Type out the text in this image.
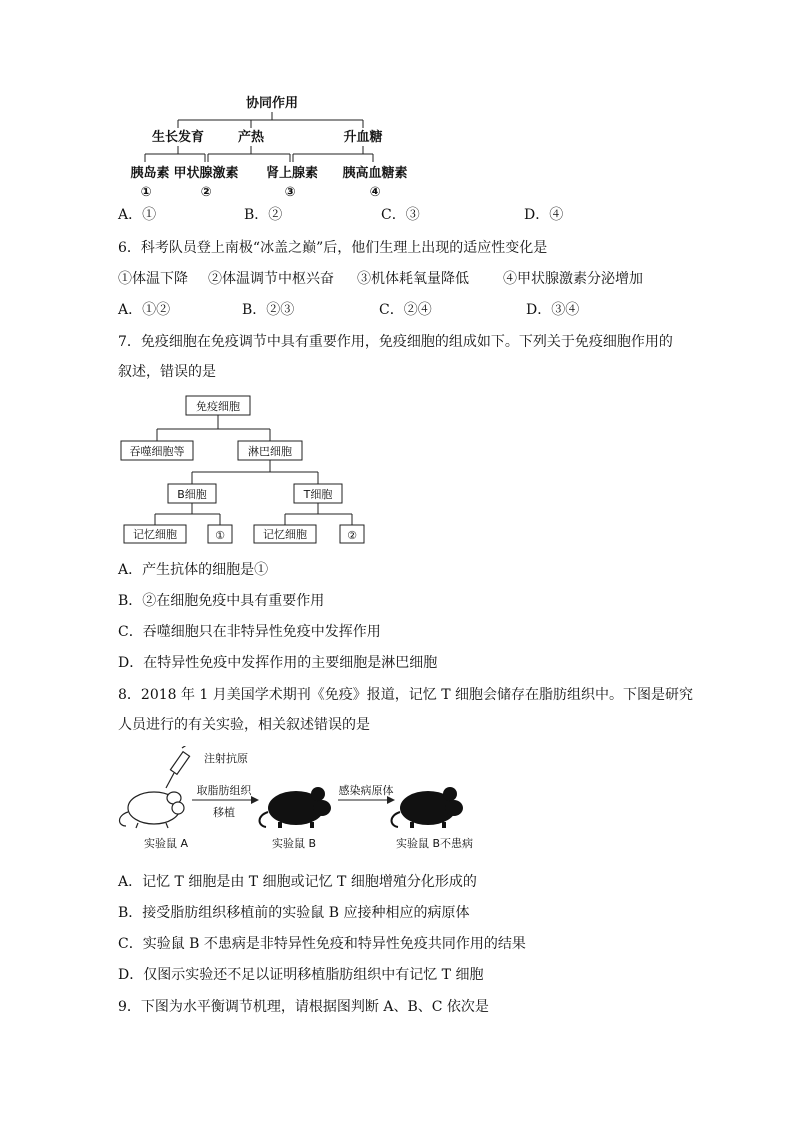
协同作用
生长发育	产热	升血糖
胰岛素 甲状腺激素 肾上腺素 胰高血糖素
①	②	③	④
A．①	B．②	C．③	D．④
6．科考队员登上南极“冰盖之巅”后，他们生理上出现的适应性变化是
①体温下降 ②体温调节中枢兴奋 ③机体耗氧量降低 ④甲状腺激素分泌增加
A．①②	B．②③	C．②④	D．③④
7．免疫细胞在免疫调节中具有重要作用，免疫细胞的组成如下。下列关于免疫细胞作用的
叙述，错误的是
免疫细胞
吞噬细胞等	淋巴细胞
B细胞	T细胞
记忆细胞	①	记忆细胞	②
A．产生抗体的细胞是①
B．②在细胞免疫中具有重要作用
C．吞噬细胞只在非特异性免疫中发挥作用
D．在特异性免疫中发挥作用的主要细胞是淋巴细胞
8．2018 年 1 月美国学术期刊《免疫》报道，记忆 T 细胞会储存在脂肪组织中。下图是研究
人员进行的有关实验，相关叙述错误的是
注射抗原
取脂肪组织
移植
感染病原体
实验鼠 A	实验鼠 B	实验鼠 B不患病
A．记忆 T 细胞是由 T 细胞或记忆 T 细胞增殖分化形成的
B．接受脂肪组织移植前的实验鼠 B 应接种相应的病原体
C．实验鼠 B 不患病是非特异性免疫和特异性免疫共同作用的结果
D．仅图示实验还不足以证明移植脂肪组织中有记忆 T 细胞
9．下图为水平衡调节机理，请根据图判断 A、B、C 依次是
